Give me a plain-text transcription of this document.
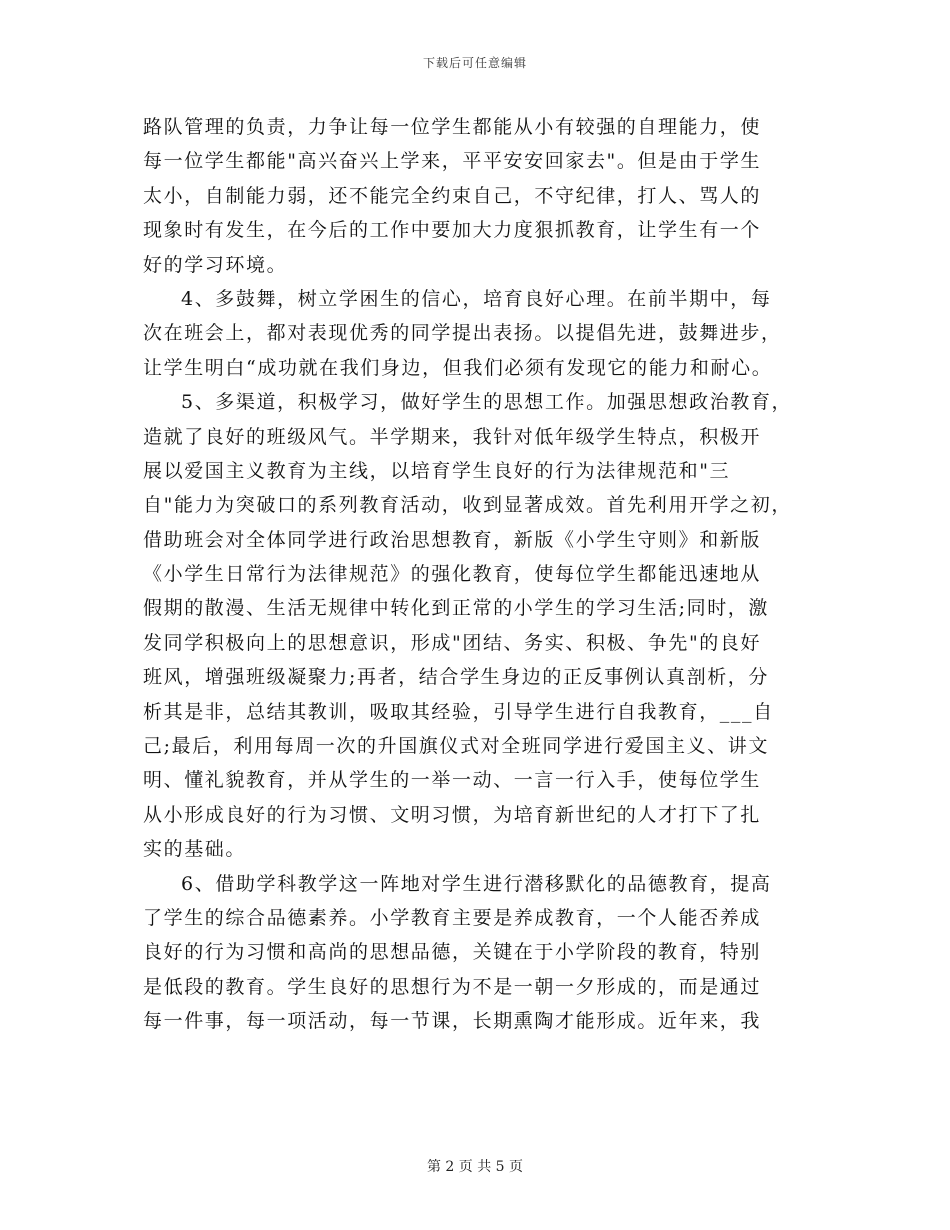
下载后可任意编辑
路队管理的负责，力争让每一位学生都能从小有较强的自理能力，使
每一位学生都能"高兴奋兴上学来，平平安安回家去"。但是由于学生
太小，自制能力弱，还不能完全约束自己，不守纪律，打人、骂人的
现象时有发生，在今后的工作中要加大力度狠抓教育，让学生有一个
好的学习环境。
4、多鼓舞，树立学困生的信心，培育良好心理。在前半期中，每
次在班会上，都对表现优秀的同学提出表扬。以提倡先进，鼓舞进步，
让学生明白“成功就在我们身边，但我们必须有发现它的能力和耐心。
5、多渠道，积极学习，做好学生的思想工作。加强思想政治教育，
造就了良好的班级风气。半学期来，我针对低年级学生特点，积极开
展以爱国主义教育为主线，以培育学生良好的行为法律规范和"三
自"能力为突破口的系列教育活动，收到显著成效。首先利用开学之初，
借助班会对全体同学进行政治思想教育，新版《小学生守则》和新版
《小学生日常行为法律规范》的强化教育，使每位学生都能迅速地从
假期的散漫、生活无规律中转化到正常的小学生的学习生活;同时，激
发同学积极向上的思想意识，形成"团结、务实、积极、争先"的良好
班风，增强班级凝聚力;再者，结合学生身边的正反事例认真剖析，分
析其是非，总结其教训，吸取其经验，引导学生进行自我教育，___自
己;最后，利用每周一次的升国旗仪式对全班同学进行爱国主义、讲文
明、懂礼貌教育，并从学生的一举一动、一言一行入手，使每位学生
从小形成良好的行为习惯、文明习惯，为培育新世纪的人才打下了扎
实的基础。
6、借助学科教学这一阵地对学生进行潜移默化的品德教育，提高
了学生的综合品德素养。小学教育主要是养成教育，一个人能否养成
良好的行为习惯和高尚的思想品德，关键在于小学阶段的教育，特别
是低段的教育。学生良好的思想行为不是一朝一夕形成的，而是通过
每一件事，每一项活动，每一节课，长期熏陶才能形成。近年来，我
第 2 页 共 5 页
